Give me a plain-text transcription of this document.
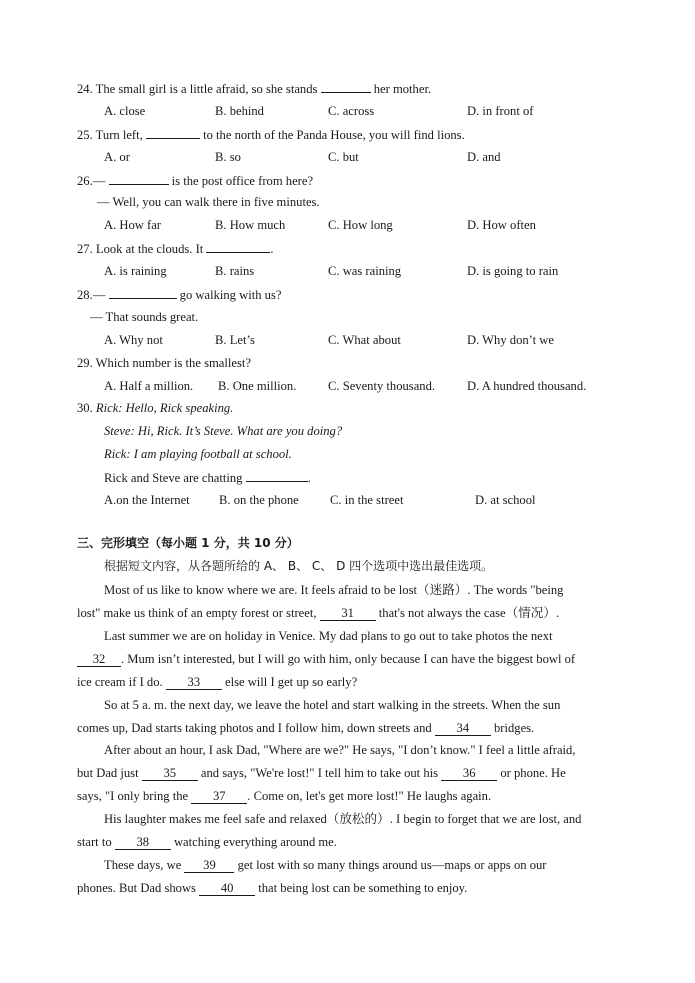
24. The small girl is a little afraid, so she stands	her mother.
A. close	B. behind	C. across	D. in front of
25. Turn left,	to the north of the Panda House, you will find lions.
A. or	B. so	C. but	D. and
26.—	is the post office from here?
— Well, you can walk there in five minutes.
A. How far	B. How much	C. How long	D. How often
27. Look at the clouds. It	.
A. is raining	B. rains	C. was raining	D. is going to rain
28.—	go walking with us?
— That sounds great.
A. Why not	B. Let’s	C. What about	D. Why don’t we
29. Which number is the smallest?
A. Half a million. B. One million.	C. Seventy thousand.	D. A hundred thousand.
30. Rick: Hello, Rick speaking.
Steve: Hi, Rick. It’s Steve. What are you doing?
Rick: I am playing football at school.
Rick and Steve are chatting	.
A.on the Internet B. on the phone C. in the street	D. at school
三、完形填空（每小题 1 分，共 10 分）
根据短文内容，从各题所给的 A、 B、 C、 D 四个选项中选出最佳选项。
Most of us like to know where we are. It feels afraid to be lost（迷路）. The words "being
lost" make us think of an empty forest or street, 31 that's not always the case（情况）.
Last summer we are on holiday in Venice. My dad plans to go out to take photos the next
32 . Mum isn’t interested, but I will go with him, only because I can have the biggest bowl of
ice cream if I do. 33 else will I get up so early?
So at 5 a. m. the next day, we leave the hotel and start walking in the streets. When the sun
comes up, Dad starts taking photos and I follow him, down streets and 34 bridges.
After about an hour, I ask Dad, "Where are we?" He says, "I don’t know." I feel a little afraid,
but Dad just 35 and says, "We're lost!" I tell him to take out his 36 or phone. He
says, "I only bring the 37 . Come on, let's get more lost!" He laughs again.
His laughter makes me feel safe and relaxed（放松的）. I begin to forget that we are lost, and
start to 38 watching everything around me.
These days, we 39 get lost with so many things around us—maps or apps on our
phones. But Dad shows 40 that being lost can be something to enjoy.
